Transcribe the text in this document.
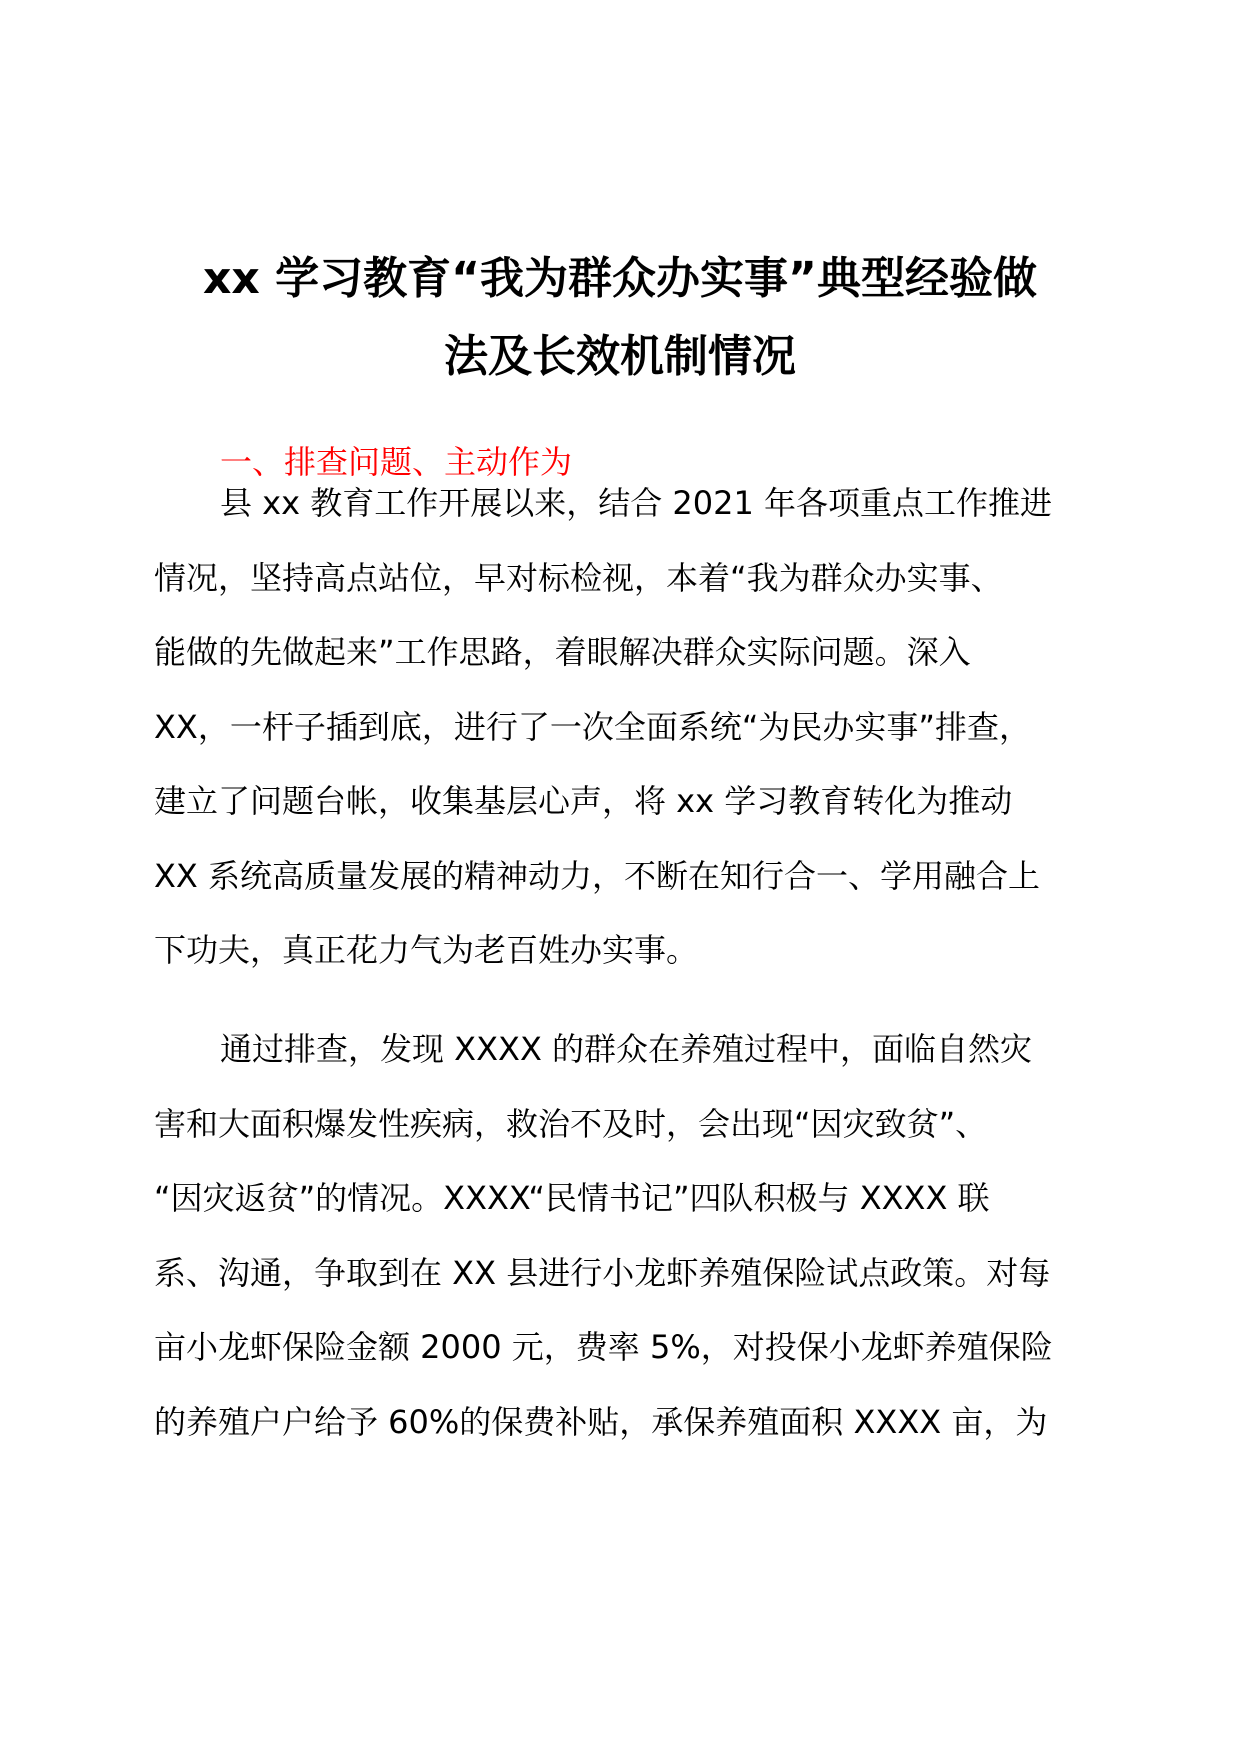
xx 学习教育“我为群众办实事”典型经验做
法及长效机制情况
一、排查问题、主动作为
县 xx 教育工作开展以来，结合 2021 年各项重点工作推进
情况，坚持高点站位，早对标检视，本着“我为群众办实事、
能做的先做起来”工作思路，着眼解决群众实际问题。深入
XX，一杆子插到底，进行了一次全面系统“为民办实事”排查，
建立了问题台帐，收集基层心声，将 xx 学习教育转化为推动
XX 系统高质量发展的精神动力，不断在知行合一、学用融合上
下功夫，真正花力气为老百姓办实事。
通过排查，发现 XXXX 的群众在养殖过程中，面临自然灾
害和大面积爆发性疾病，救治不及时，会出现“因灾致贫”、
“因灾返贫”的情况。XXXX“民情书记”四队积极与 XXXX 联
系、沟通，争取到在 XX 县进行小龙虾养殖保险试点政策。对每
亩小龙虾保险金额 2000 元，费率 5%，对投保小龙虾养殖保险
的养殖户户给予 60%的保费补贴，承保养殖面积 XXXX 亩，为
